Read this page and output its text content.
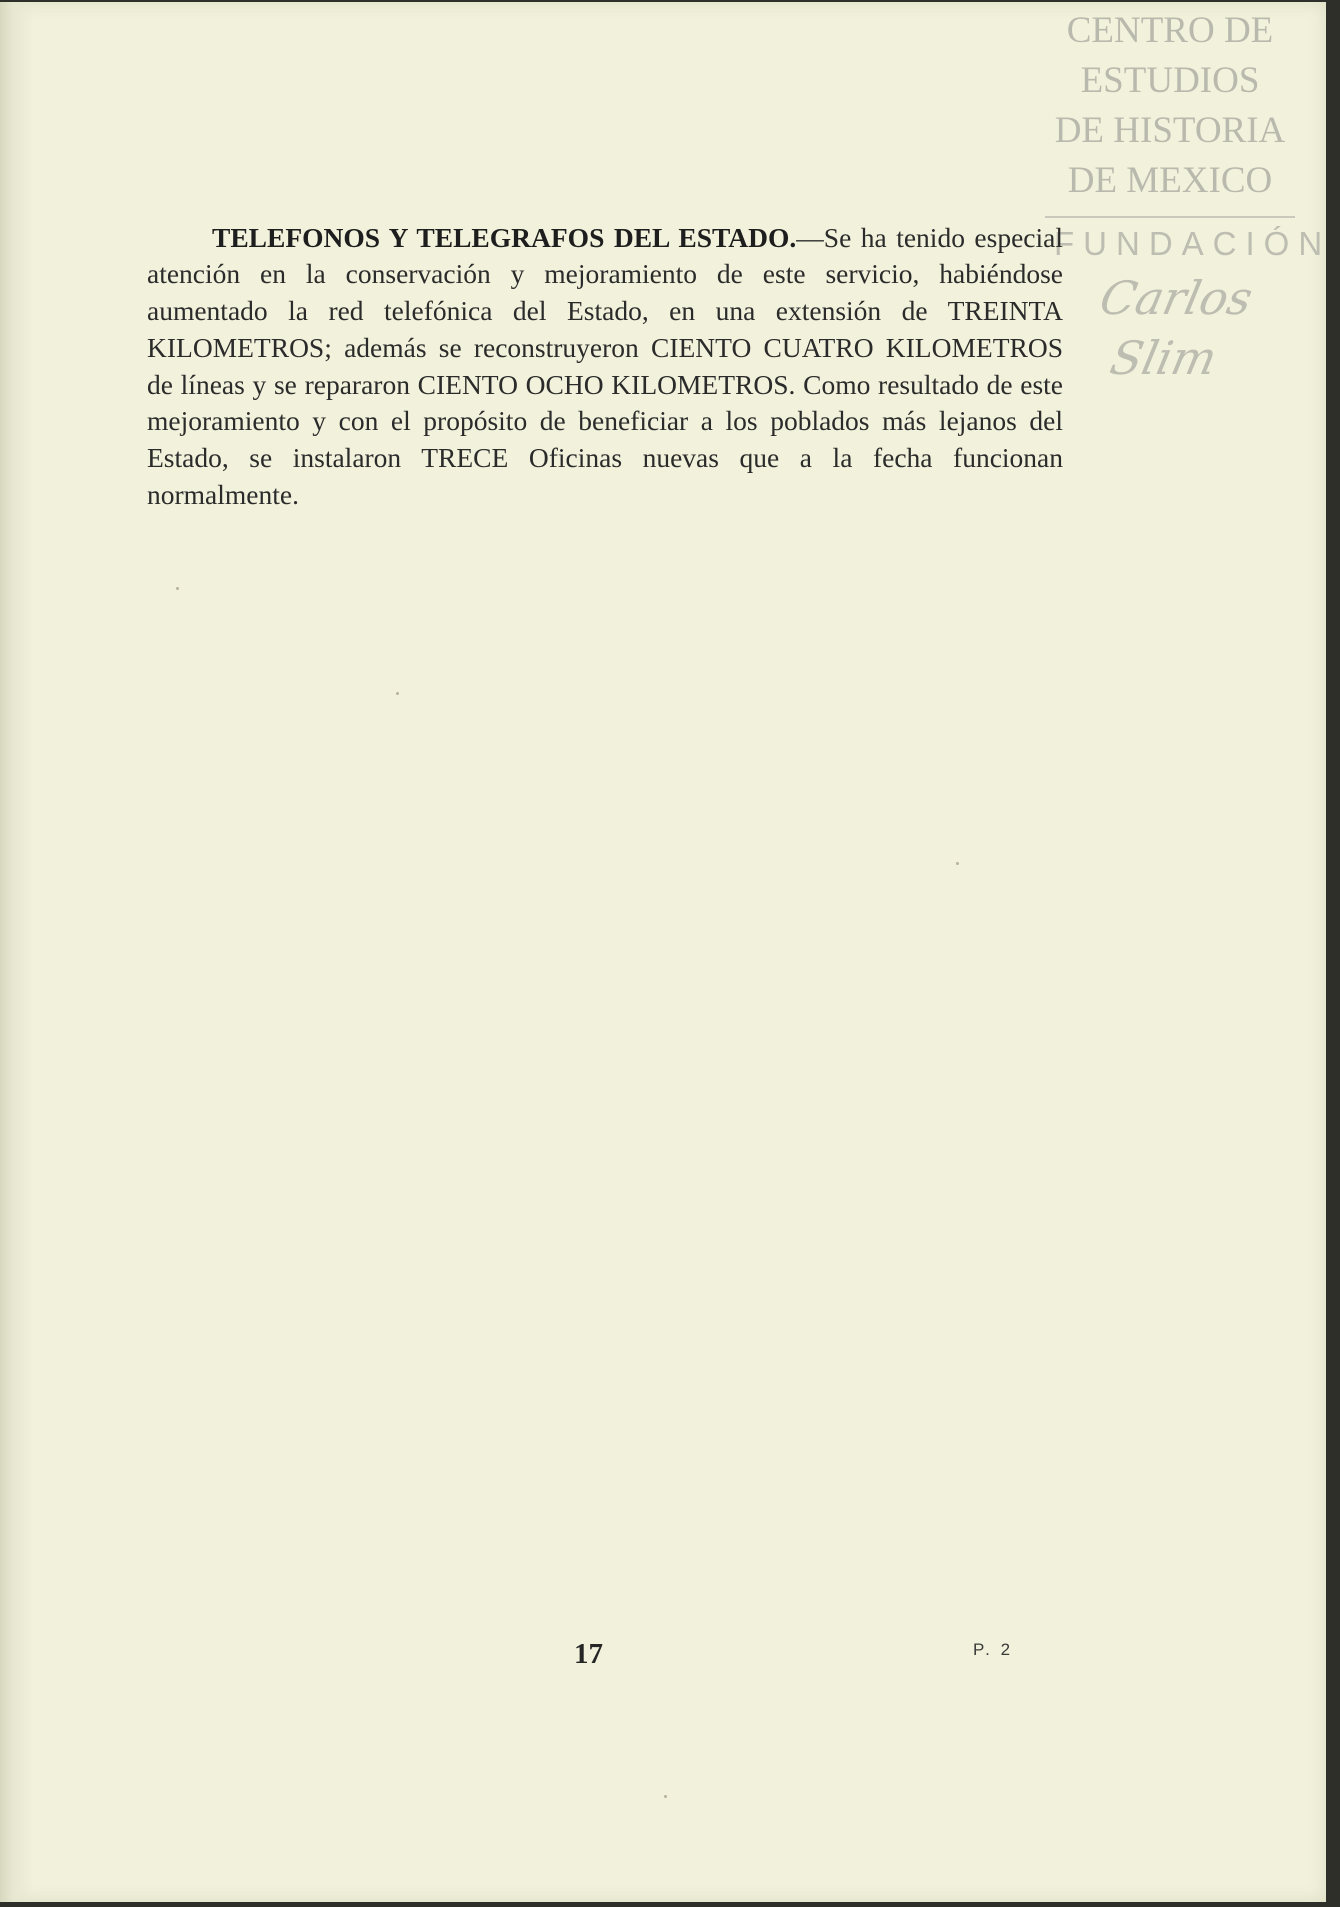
CENTRO DE
ESTUDIOS
DE HISTORIA
DE MEXICO
FUNDACIÓN
Carlos Slim

TELEFONOS Y TELEGRAFOS DEL ESTADO.—Se ha tenido especial atención en la conservación y mejoramiento de este servicio, habiéndose aumentado la red telefónica del Estado, en una extensión de TREINTA KILOMETROS; además se reconstruyeron CIENTO CUATRO KILOMETROS de líneas y se repararon CIENTO OCHO KILOMETROS. Como resultado de este mejoramiento y con el propósito de beneficiar a los poblados más lejanos del Estado, se instalaron TRECE Oficinas nuevas que a la fecha funcionan normalmente.

17	P. 2
